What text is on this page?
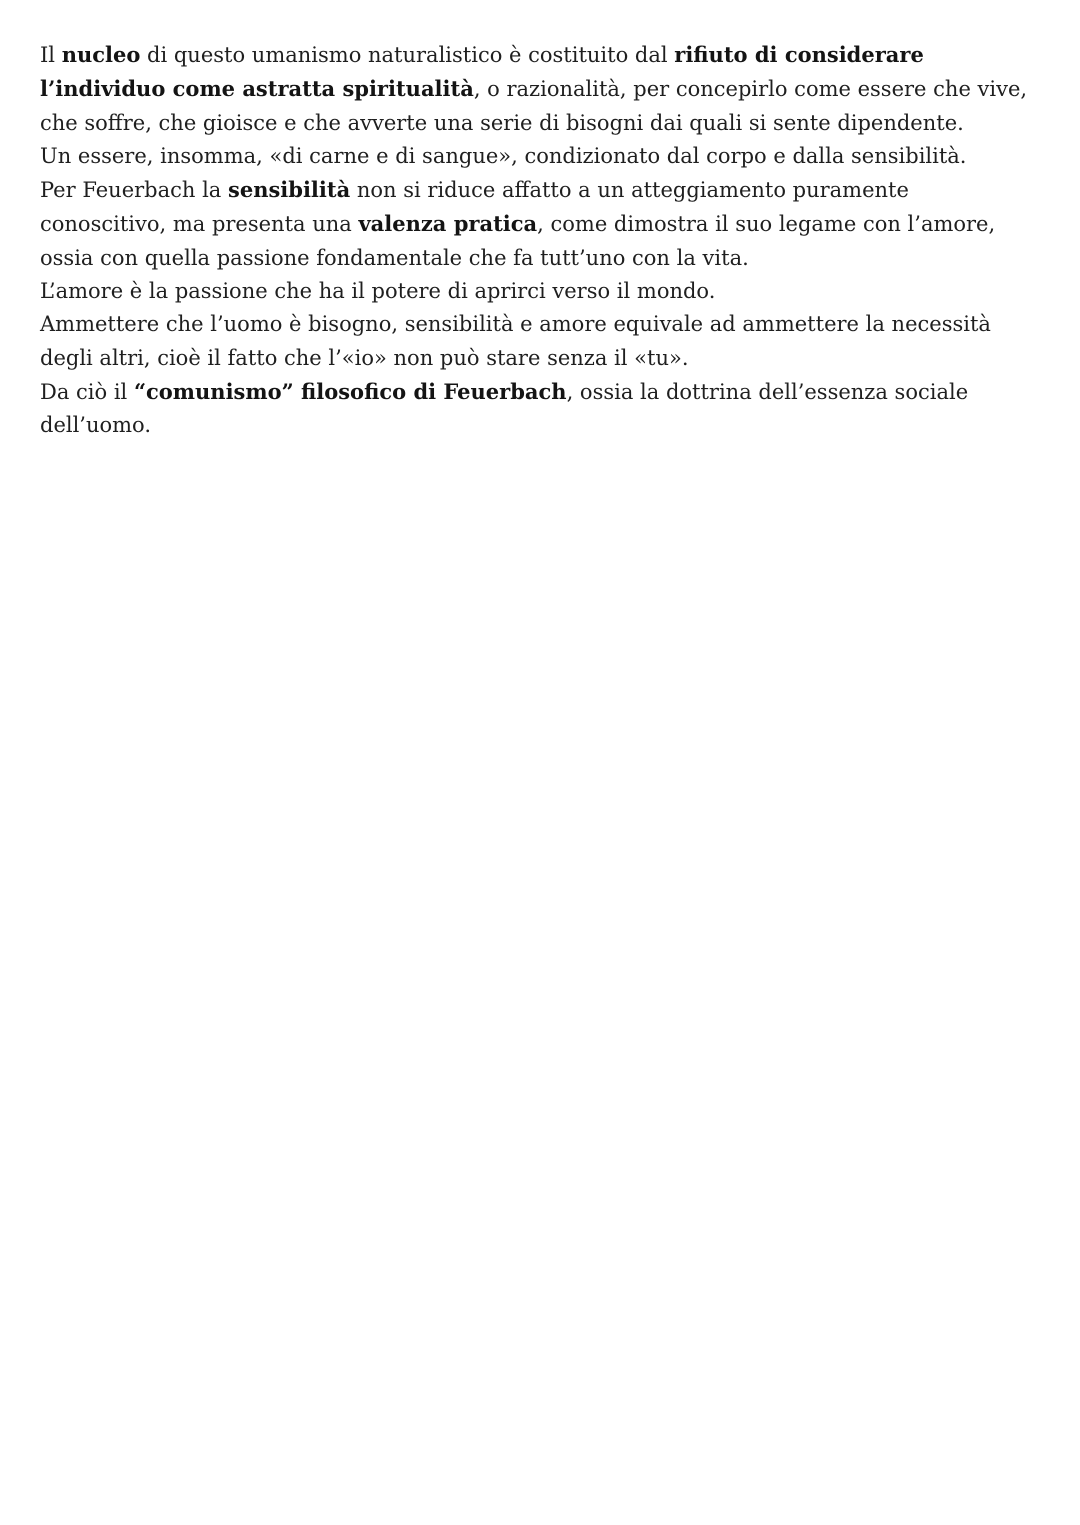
Il nucleo di questo umanismo naturalistico è costituito dal rifiuto di considerare l’individuo come astratta spiritualità, o razionalità, per concepirlo come essere che vive, che soffre, che gioisce e che avverte una serie di bisogni dai quali si sente dipendente.

Un essere, insomma, «di carne e di sangue», condizionato dal corpo e dalla sensibilità.

Per Feuerbach la sensibilità non si riduce affatto a un atteggiamento puramente conoscitivo, ma presenta una valenza pratica, come dimostra il suo legame con l’amore, ossia con quella passione fondamentale che fa tutt’uno con la vita.

L’amore è la passione che ha il potere di aprirci verso il mondo.

Ammettere che l’uomo è bisogno, sensibilità e amore equivale ad ammettere la necessità degli altri, cioè il fatto che l’«io» non può stare senza il «tu».

Da ciò il “comunismo” filosofico di Feuerbach, ossia la dottrina dell’essenza sociale dell’uomo.
